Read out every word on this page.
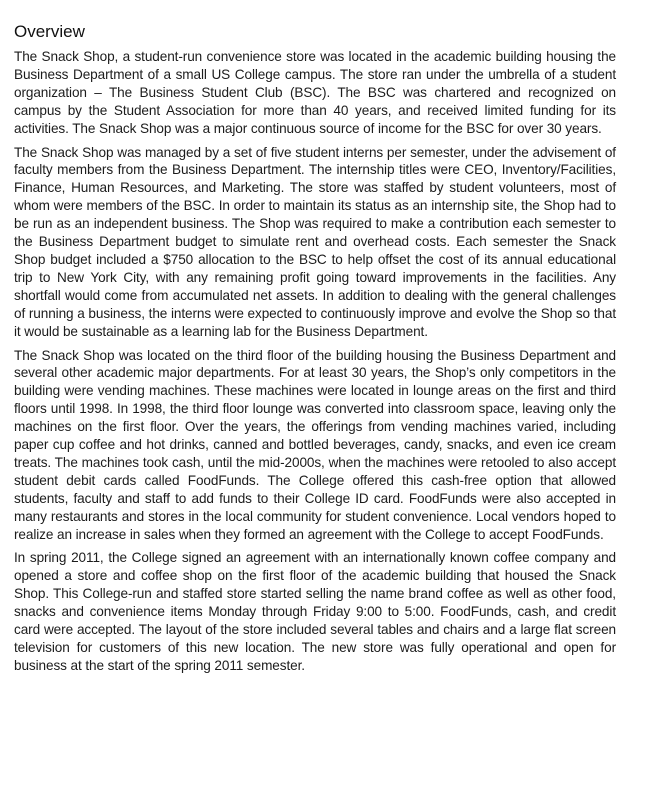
Overview

The Snack Shop, a student-run convenience store was located in the academic building housing the Business Department of a small US College campus. The store ran under the umbrella of a student organization – The Business Student Club (BSC). The BSC was chartered and recognized on campus by the Student Association for more than 40 years, and received limited funding for its activities. The Snack Shop was a major continuous source of income for the BSC for over 30 years.

The Snack Shop was managed by a set of five student interns per semester, under the advisement of faculty members from the Business Department. The internship titles were CEO, Inventory/Facilities, Finance, Human Resources, and Marketing. The store was staffed by student volunteers, most of whom were members of the BSC. In order to maintain its status as an internship site, the Shop had to be run as an independent business. The Shop was required to make a contribution each semester to the Business Department budget to simulate rent and overhead costs. Each semester the Snack Shop budget included a $750 allocation to the BSC to help offset the cost of its annual educational trip to New York City, with any remaining profit going toward improvements in the facilities. Any shortfall would come from accumulated net assets. In addition to dealing with the general challenges of running a business, the interns were expected to continuously improve and evolve the Shop so that it would be sustainable as a learning lab for the Business Department.

The Snack Shop was located on the third floor of the building housing the Business Department and several other academic major departments. For at least 30 years, the Shop’s only competitors in the building were vending machines. These machines were located in lounge areas on the first and third floors until 1998. In 1998, the third floor lounge was converted into classroom space, leaving only the machines on the first floor. Over the years, the offerings from vending machines varied, including paper cup coffee and hot drinks, canned and bottled beverages, candy, snacks, and even ice cream treats. The machines took cash, until the mid-2000s, when the machines were retooled to also accept student debit cards called FoodFunds. The College offered this cash-free option that allowed students, faculty and staff to add funds to their College ID card. FoodFunds were also accepted in many restaurants and stores in the local community for student convenience. Local vendors hoped to realize an increase in sales when they formed an agreement with the College to accept FoodFunds.

In spring 2011, the College signed an agreement with an internationally known coffee company and opened a store and coffee shop on the first floor of the academic building that housed the Snack Shop. This College-run and staffed store started selling the name brand coffee as well as other food, snacks and convenience items Monday through Friday 9:00 to 5:00. FoodFunds, cash, and credit card were accepted. The layout of the store included several tables and chairs and a large flat screen television for customers of this new location. The new store was fully operational and open for business at the start of the spring 2011 semester.
